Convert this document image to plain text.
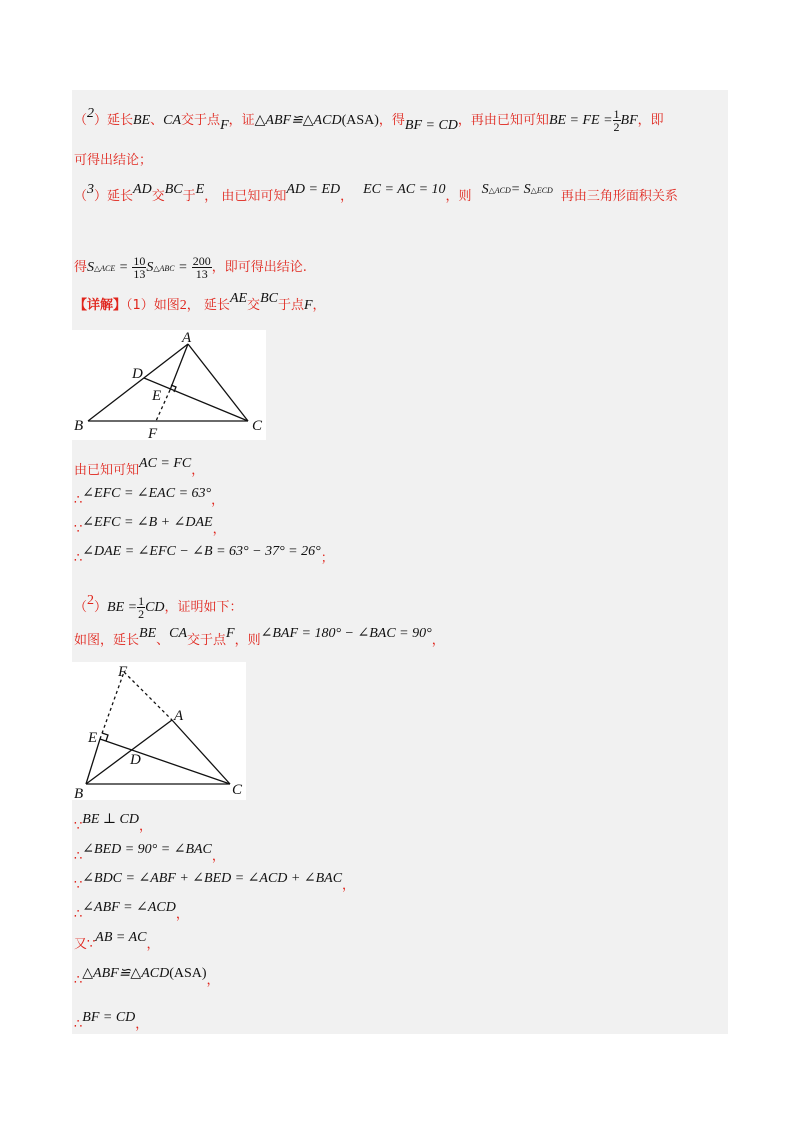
（2）延长BE、CA交于点F，证△ABF≌△ACD(ASA)，得BF = CD，再由已知可知BE = FE = $\frac{1}{2}$ BF，即
可得出结论；
（3）延长AD交BC于E， 由已知可知AD = ED， EC = AC = 10，则 S△ACD= S△ECD 再由三角形面积关系
得S△ACE = $\frac{10}{13}$ S△ABC = $\frac{200}{13}$ ，即可得出结论.
【详解】（1）如图2， 延长AE交BC于点F，
A
B	C
D
E
F
由已知可知AC = FC，
∴∠EFC = ∠EAC = 63°，
∵∠EFC = ∠B + ∠DAE，
∴∠DAE = ∠EFC − ∠B = 63° − 37° = 26°；
$(2)BE = \frac{1}{2}$ CD，证明如下：
如图，延长BE、CA交于点F，则∠BAF = 180° − ∠BAC = 90°，
A
B	C
D
E
F
∵BE ⊥ CD，
∴∠BED = 90° = ∠BAC，
∵∠BDC = ∠ABF + ∠BED = ∠ACD + ∠BAC，
∴∠ABF = ∠ACD，
又∵AB = AC，
∴△ABF≌△ACD(ASA)，
∴BF = CD，
